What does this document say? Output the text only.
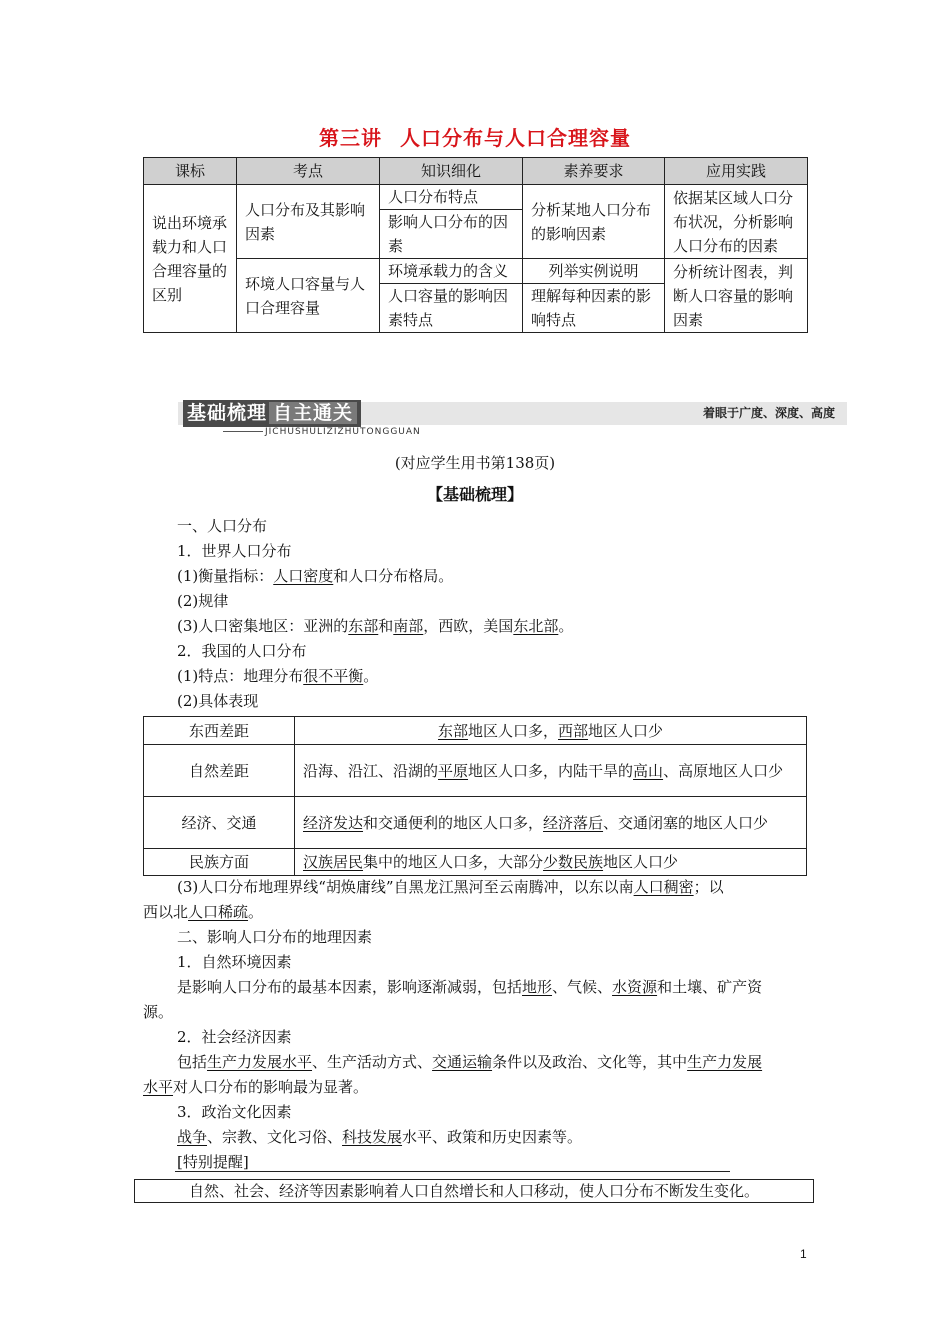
第三讲 人口分布与人口合理容量
课标	考点	知识细化	素养要求	应用实践
说出环境承载力和人口合理容量的区别	人口分布及其影响因素	人口分布特点	分析某地人口分布的影响因素	依据某区域人口分布状况，分析影响人口分布的因素
		影响人口分布的因素		
	环境人口容量与人口合理容量	环境承载力的含义	列举实例说明	分析统计图表，判断人口容量的影响因素
		人口容量的影响因素特点	理解每种因素的影响特点	
基础梳理 自主通关
JICHUSHULIZIZHUTONGGUAN
着眼于广度、深度、高度
(对应学生用书第138页)
【基础梳理】
一、人口分布
1．世界人口分布
(1)衡量指标：人口密度和人口分布格局。
(2)规律
(3)人口密集地区：亚洲的东部和南部，西欧，美国东北部。
2．我国的人口分布
(1)特点：地理分布很不平衡。
(2)具体表现
东西差距	东部地区人口多，西部地区人口少
自然差距	沿海、沿江、沿湖的平原地区人口多，内陆干旱的高山、高原地区人口少
经济、交通	经济发达和交通便利的地区人口多，经济落后、交通闭塞的地区人口少
民族方面	汉族居民集中的地区人口多，大部分少数民族地区人口少
(3)人口分布地理界线“胡焕庸线”自黑龙江黑河至云南腾冲，以东以南人口稠密；以
西以北人口稀疏。
二、影响人口分布的地理因素
1．自然环境因素
是影响人口分布的最基本因素，影响逐渐减弱，包括地形、气候、水资源和土壤、矿产资
源。
2．社会经济因素
包括生产力发展水平、生产活动方式、交通运输条件以及政治、文化等，其中生产力发展
水平对人口分布的影响最为显著。
3．政治文化因素
战争、宗教、文化习俗、科技发展水平、政策和历史因素等。
[特别提醒]
自然、社会、经济等因素影响着人口自然增长和人口移动，使人口分布不断发生变化。
1
